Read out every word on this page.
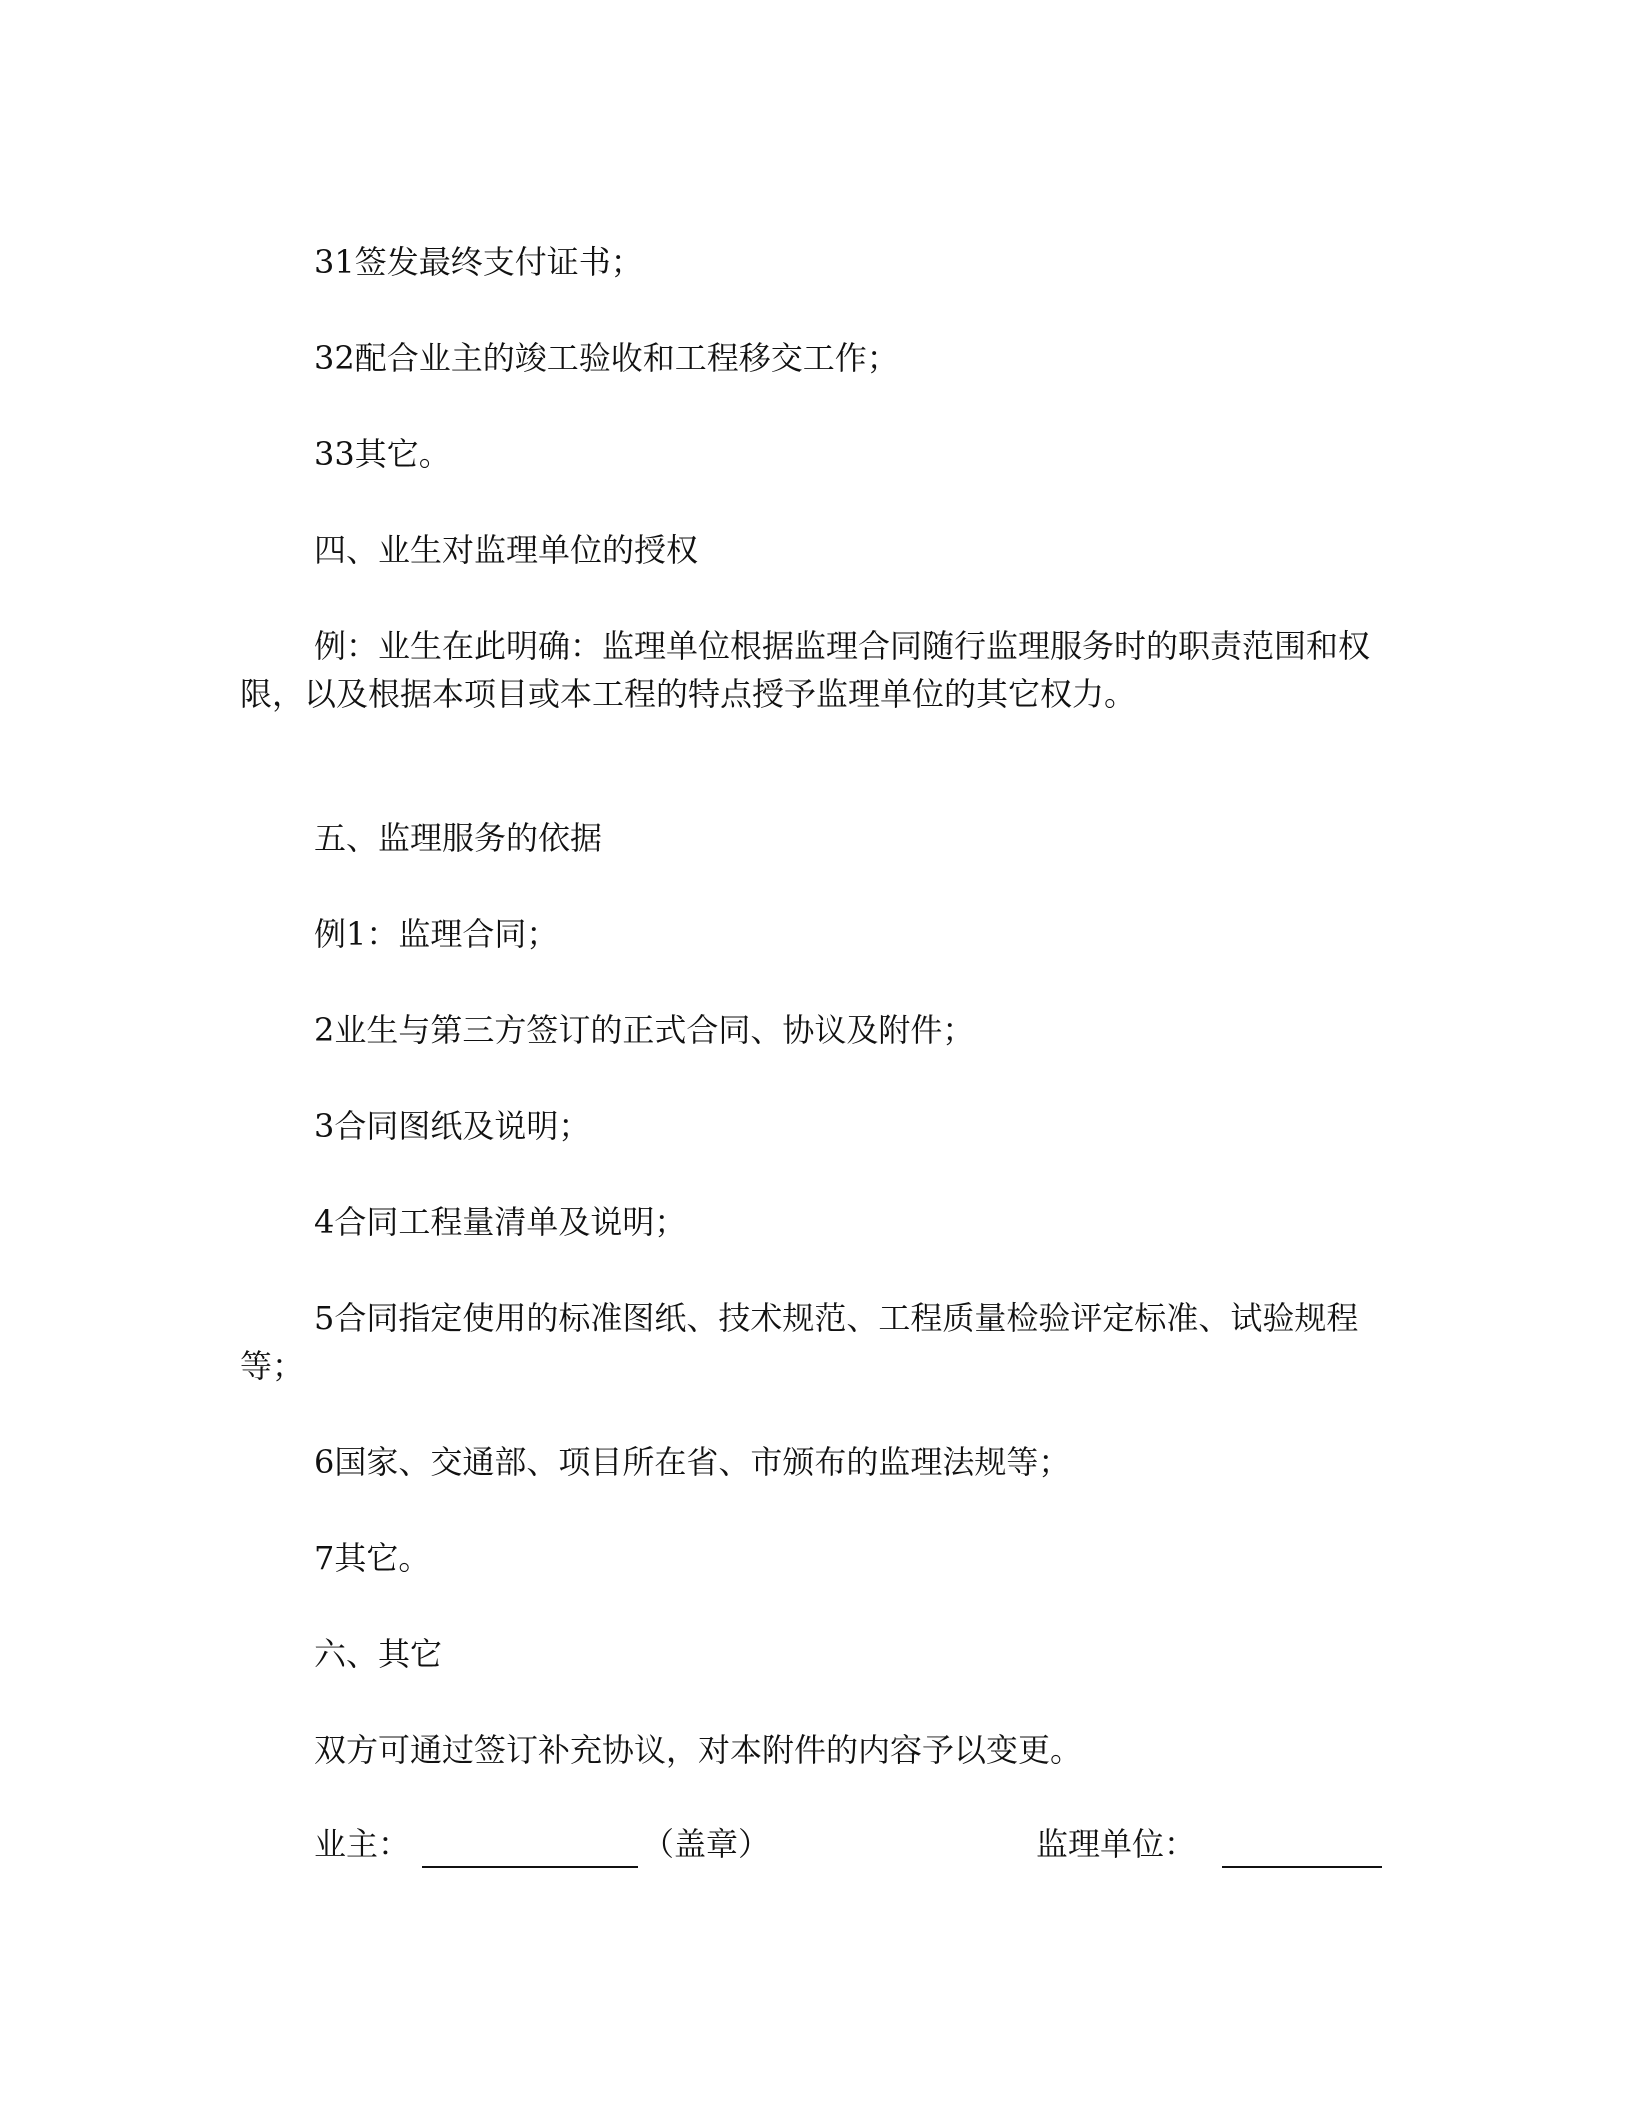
31签发最终支付证书；

32配合业主的竣工验收和工程移交工作；

33其它。

四、业生对监理单位的授权

例：业生在此明确：监理单位根据监理合同随行监理服务时的职责范围和权限，以及根据本项目或本工程的特点授予监理单位的其它权力。

五、监理服务的依据

例1：监理合同；

2业生与第三方签订的正式合同、协议及附件；

3合同图纸及说明；

4合同工程量清单及说明；

5合同指定使用的标准图纸、技术规范、工程质量检验评定标准、试验规程等；

6国家、交通部、项目所在省、市颁布的监理法规等；

7其它。

六、其它

双方可通过签订补充协议，对本附件的内容予以变更。

业主：	（盖章）	监理单位：
